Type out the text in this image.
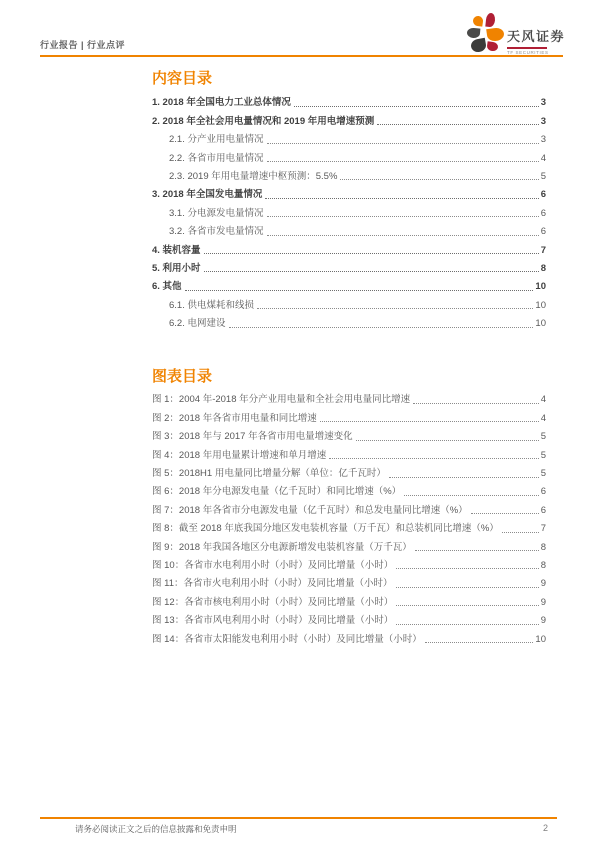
行业报告 | 行业点评
天风证券
TF SECURITIES
内容目录
1. 2018 年全国电力工业总体情况	3
2. 2018 年全社会用电量情况和 2019 年用电增速预测	3
2.1. 分产业用电量情况	3
2.2. 各省市用电量情况	4
2.3. 2019 年用电量增速中枢预测：5.5%	5
3. 2018 年全国发电量情况	6
3.1. 分电源发电量情况	6
3.2. 各省市发电量情况	6
4. 装机容量	7
5. 利用小时	8
6. 其他	10
6.1. 供电煤耗和线损	10
6.2. 电网建设	10
图表目录
图 1：2004 年-2018 年分产业用电量和全社会用电量同比增速	4
图 2：2018 年各省市用电量和同比增速	4
图 3：2018 年与 2017 年各省市用电量增速变化	5
图 4：2018 年用电量累计增速和单月增速	5
图 5：2018H1 用电量同比增量分解（单位：亿千瓦时）	5
图 6：2018 年分电源发电量（亿千瓦时）和同比增速（%）	6
图 7：2018 年各省市分电源发电量（亿千瓦时）和总发电量同比增速（%）	6
图 8：截至 2018 年底我国分地区发电装机容量（万千瓦）和总装机同比增速（%）	7
图 9：2018 年我国各地区分电源新增发电装机容量（万千瓦）	8
图 10：各省市水电利用小时（小时）及同比增量（小时）	8
图 11：各省市火电利用小时（小时）及同比增量（小时）	9
图 12：各省市核电利用小时（小时）及同比增量（小时）	9
图 13：各省市风电利用小时（小时）及同比增量（小时）	9
图 14：各省市太阳能发电利用小时（小时）及同比增量（小时）	10
请务必阅读正文之后的信息披露和免责申明	2
